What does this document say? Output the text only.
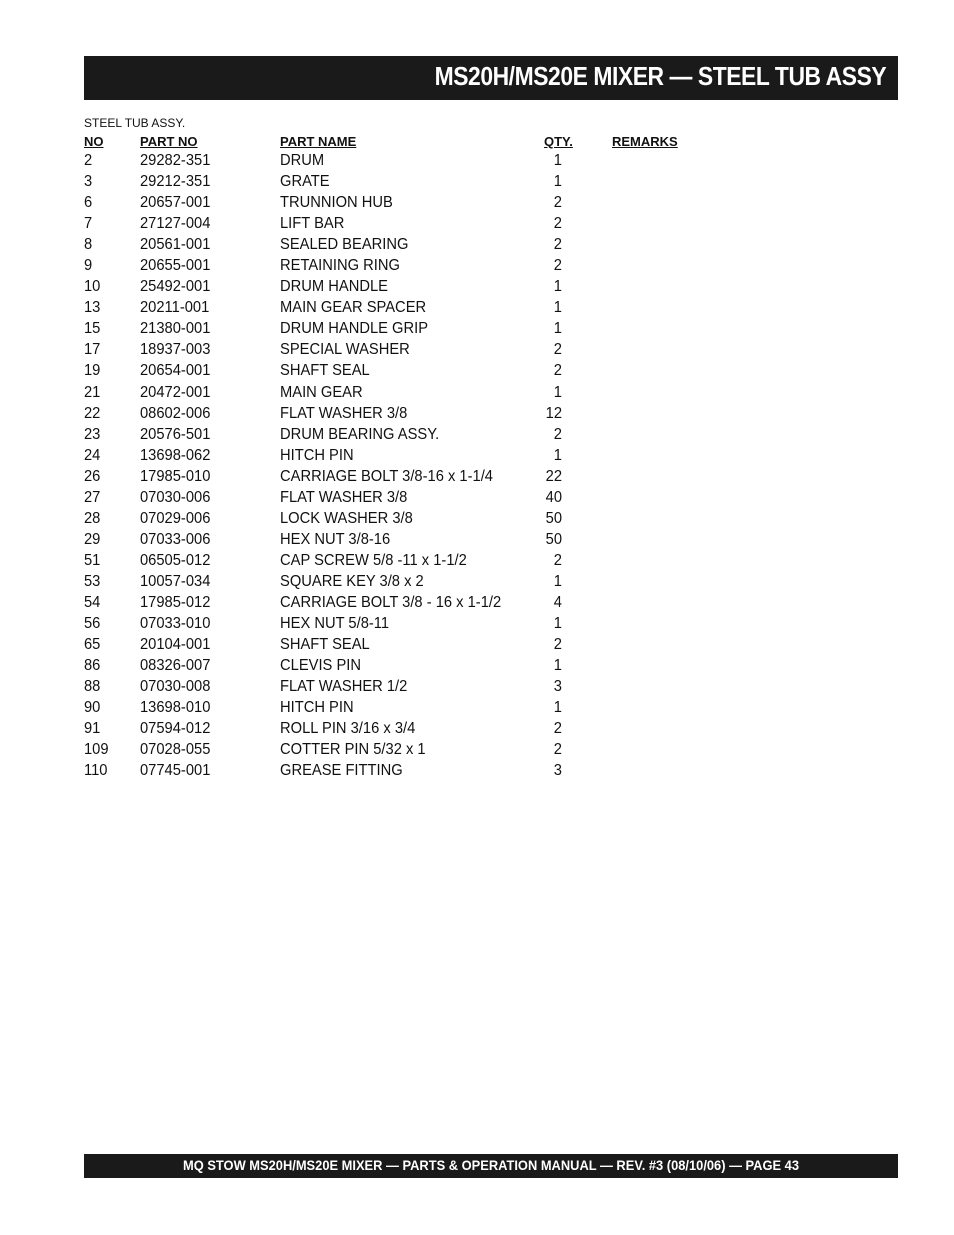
MS20H/MS20E MIXER — STEEL TUB ASSY
STEEL TUB ASSY.
NO	PART NO	PART NAME	QTY.	REMARKS
2	29282-351	DRUM	1
3	29212-351	GRATE	1
6	20657-001	TRUNNION HUB	2
7	27127-004	LIFT BAR	2
8	20561-001	SEALED BEARING	2
9	20655-001	RETAINING RING	2
10 25492-001	DRUM HANDLE	1
13 20211-001	MAIN GEAR SPACER	1
15 21380-001	DRUM HANDLE GRIP	1
17 18937-003	SPECIAL WASHER	2
19 20654-001	SHAFT SEAL	2
21 20472-001	MAIN GEAR	1
22 08602-006	FLAT WASHER 3/8	12
23 20576-501	DRUM BEARING ASSY.	2
24 13698-062	HITCH PIN	1
26 17985-010	CARRIAGE BOLT 3/8-16 x 1-1/4	22
27 07030-006	FLAT WASHER 3/8	40
28 07029-006	LOCK WASHER 3/8	50
29 07033-006	HEX NUT 3/8-16	50
51 06505-012	CAP SCREW 5/8 -11 x 1-1/2	2
53 10057-034	SQUARE KEY 3/8 x 2	1
54 17985-012	CARRIAGE BOLT 3/8 - 16 x 1-1/2	4
56 07033-010	HEX NUT 5/8-11	1
65 20104-001	SHAFT SEAL	2
86 08326-007	CLEVIS PIN	1
88 07030-008	FLAT WASHER 1/2	3
90 13698-010	HITCH PIN	1
91 07594-012	ROLL PIN 3/16 x 3/4	2
109 07028-055	COTTER PIN 5/32 x 1	2
110 07745-001	GREASE FITTING	3
MQ STOW MS20H/MS20E MIXER — PARTS & OPERATION MANUAL — REV. #3 (08/10/06) — PAGE 43
